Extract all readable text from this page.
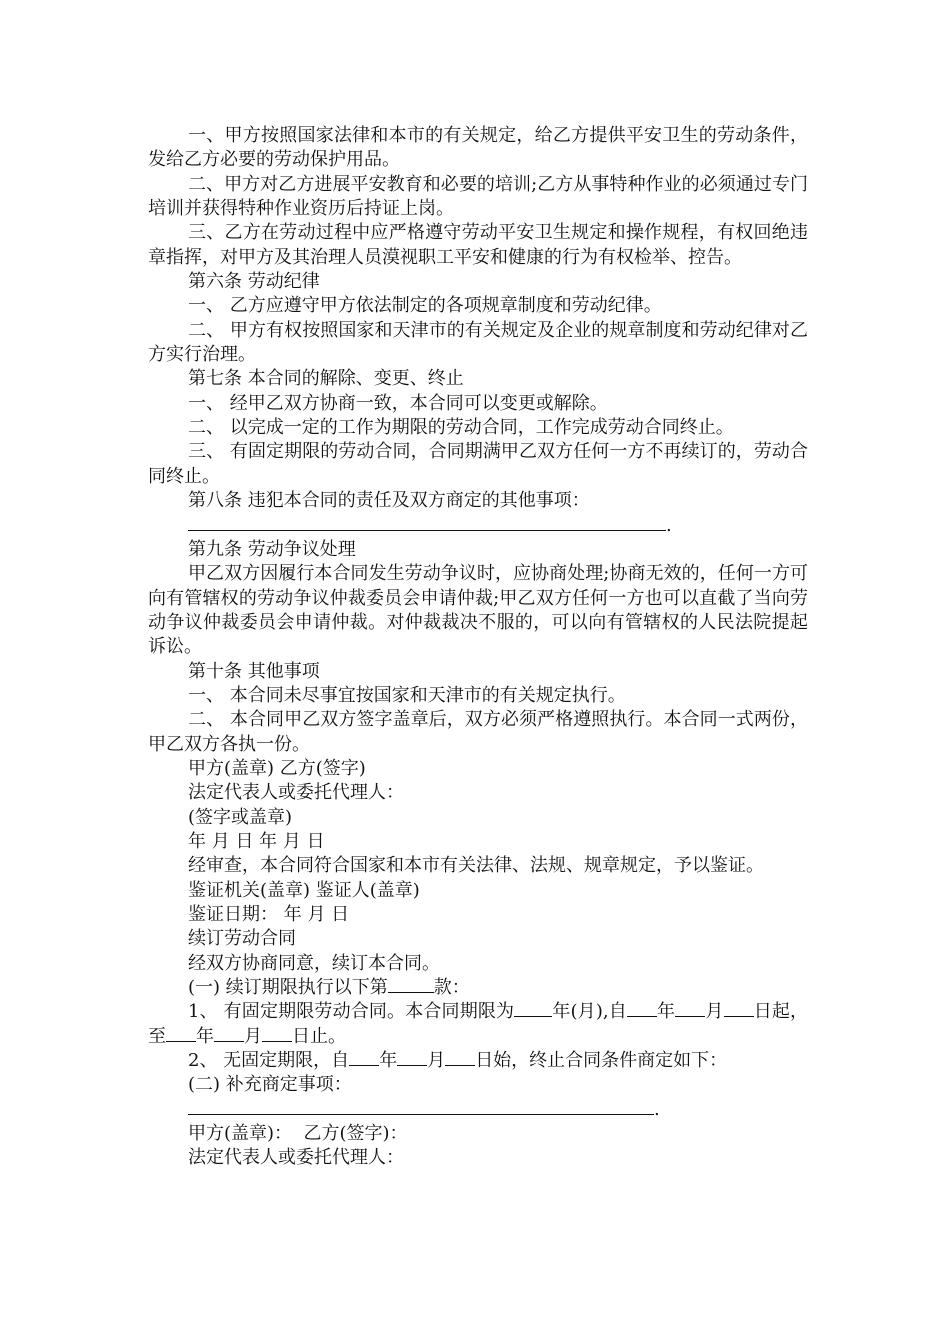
一、甲方按照国家法律和本市的有关规定，给乙方提供平安卫生的劳动条件，发给乙方必要的劳动保护用品。

二、甲方对乙方进展平安教育和必要的培训;乙方从事特种作业的必须通过专门培训并获得特种作业资历后持证上岗。

三、乙方在劳动过程中应严格遵守劳动平安卫生规定和操作规程，有权回绝违章指挥，对甲方及其治理人员漠视职工平安和健康的行为有权检举、控告。

第六条 劳动纪律

一、 乙方应遵守甲方依法制定的各项规章制度和劳动纪律。

二、 甲方有权按照国家和天津市的有关规定及企业的规章制度和劳动纪律对乙方实行治理。

第七条 本合同的解除、变更、终止

一、 经甲乙双方协商一致，本合同可以变更或解除。

二、 以完成一定的工作为期限的劳动合同，工作完成劳动合同终止。

三、 有固定期限的劳动合同，合同期满甲乙双方任何一方不再续订的，劳动合同终止。

第八条 违犯本合同的责任及双方商定的其他事项：

.

第九条 劳动争议处理

甲乙双方因履行本合同发生劳动争议时，应协商处理;协商无效的，任何一方可向有管辖权的劳动争议仲裁委员会申请仲裁;甲乙双方任何一方也可以直截了当向劳动争议仲裁委员会申请仲裁。对仲裁裁决不服的，可以向有管辖权的人民法院提起诉讼。

第十条 其他事项

一、 本合同未尽事宜按国家和天津市的有关规定执行。

二、 本合同甲乙双方签字盖章后，双方必须严格遵照执行。本合同一式两份，甲乙双方各执一份。

甲方(盖章) 乙方(签字)

法定代表人或委托代理人：

(签字或盖章)

年 月 日 年 月 日

经审查，本合同符合国家和本市有关法律、法规、规章规定，予以鉴证。

鉴证机关(盖章) 鉴证人(盖章)

鉴证日期： 年 月 日

续订劳动合同

经双方协商同意，续订本合同。

(一) 续订期限执行以下第	款：

1、 有固定期限劳动合同。本合同期限为 年(月),自 年 月 日起，至 年 月 日止。

2、 无固定期限，自 年 月 日始，终止合同条件商定如下：

(二) 补充商定事项：

.

甲方(盖章)：  乙方(签字)：

法定代表人或委托代理人：
